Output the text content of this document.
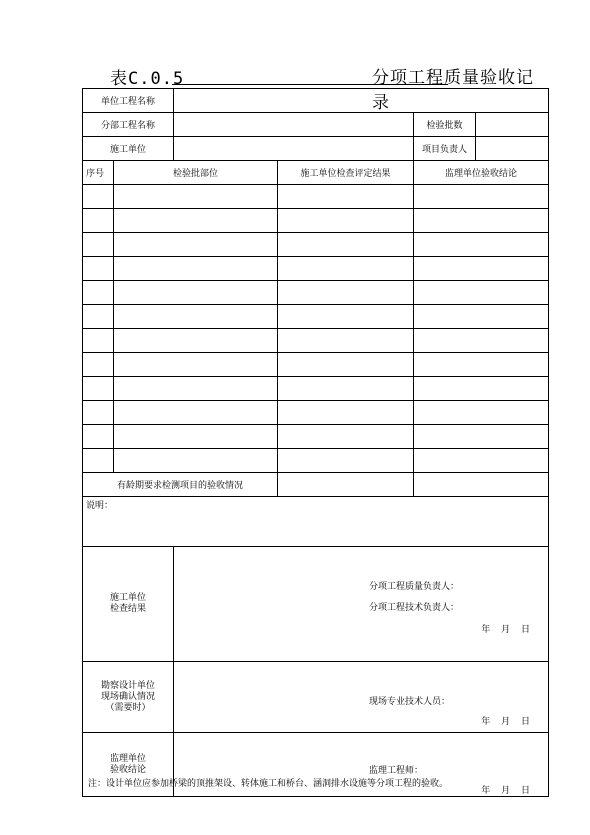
表C.0.5	分项工程质量验收记录
单位工程名称					
分部工程名称				检验批数	
施工单位				项目负责人	
序号	检验批部位		施工单位检查评定结果	监理单位验收结论	

有龄期要求检测项目的验收情况					
说明：					

施工单位
检查结果		分项工程质量负责人：
分项工程技术负责人：
年 月 日			

勘察设计单位
现场确认情况
（需要时）		现场专业技术人员：
年 月 日			

监理单位
验收结论		监理工程师：
年 月 日			
注：设计单位应参加桥梁的顶推架设、转体施工和桥台、涵洞排水设施等分项工程的验收。
